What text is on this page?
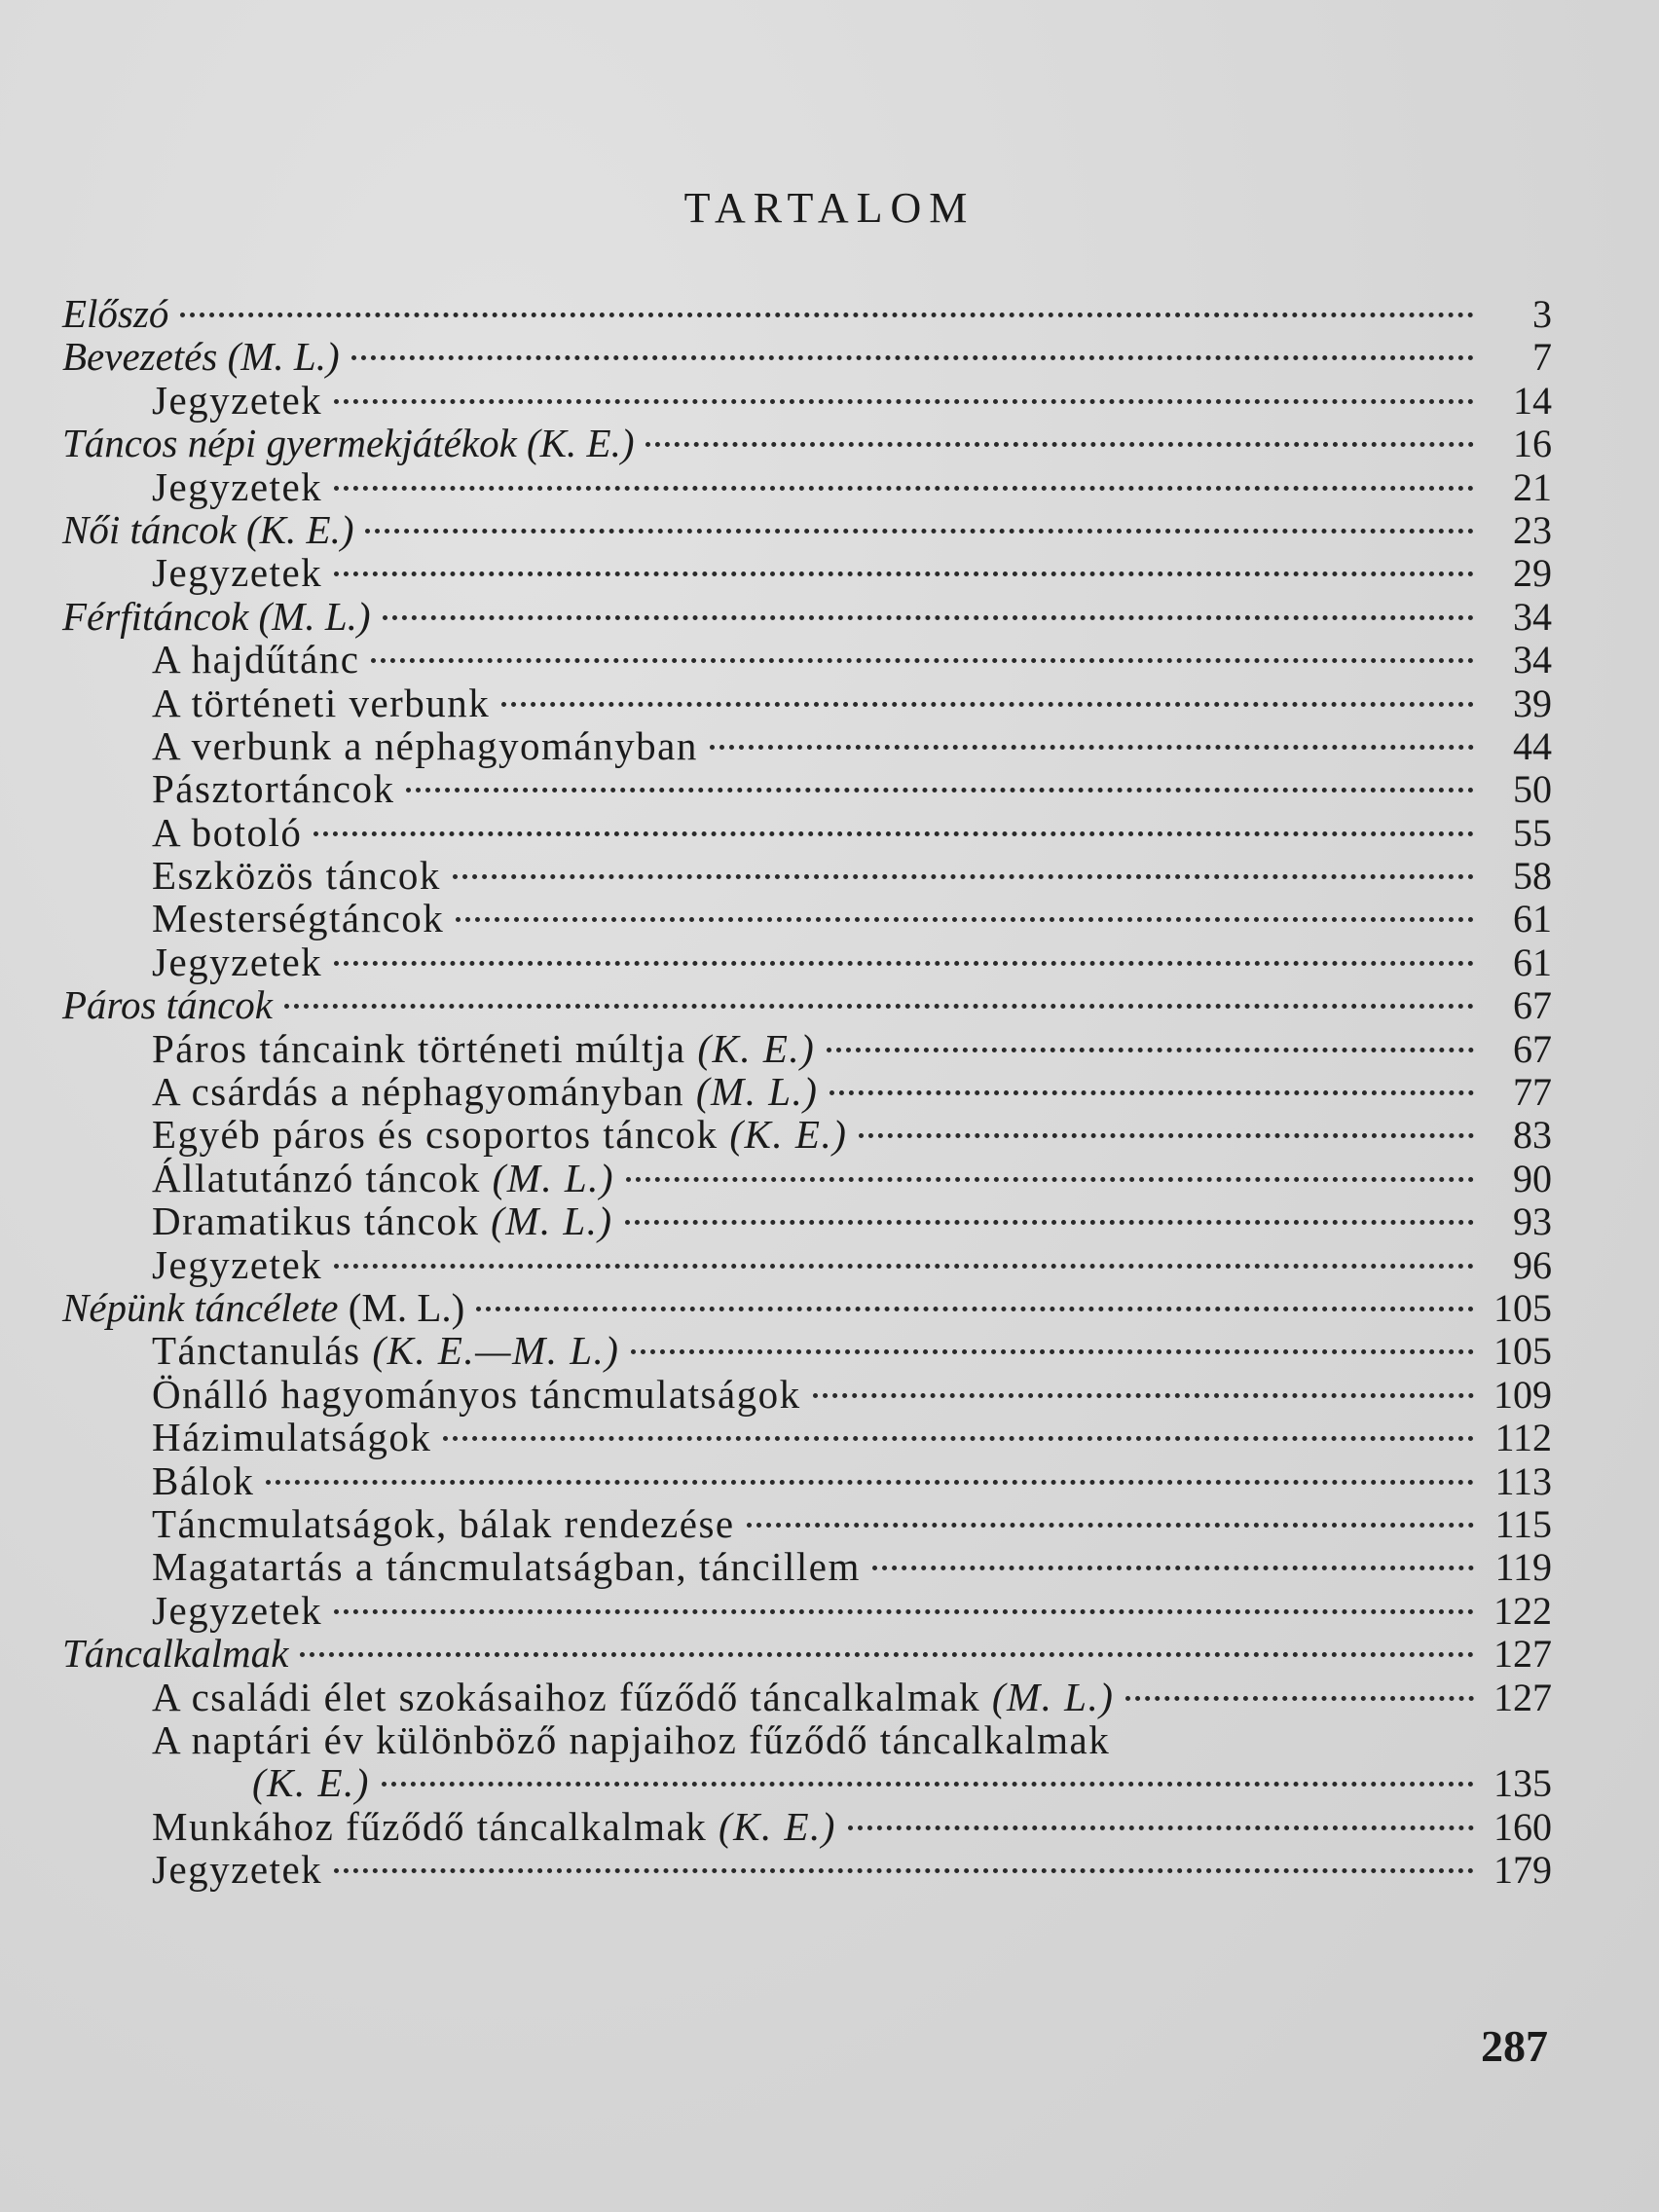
TARTALOM
Előszó	3
Bevezetés (M. L.)	7
Jegyzetek	14
Táncos népi gyermekjátékok (K. E.)	16
Jegyzetek	21
Női táncok (K. E.)	23
Jegyzetek	29
Férfitáncok (M. L.)	34
A hajdűtánc	34
A történeti verbunk	39
A verbunk a néphagyományban	44
Pásztortáncok	50
A botoló	55
Eszközös táncok	58
Mesterségtáncok	61
Jegyzetek	61
Páros táncok	67
Páros táncaink történeti múltja (K. E.)	67
A csárdás a néphagyományban (M. L.)	77
Egyéb páros és csoportos táncok (K. E.)	83
Állatutánzó táncok (M. L.)	90
Dramatikus táncok (M. L.)	93
Jegyzetek	96
Népünk táncélete (M. L.)	105
Tánctanulás (K. E.—M. L.)	105
Önálló hagyományos táncmulatságok	109
Házimulatságok	112
Bálok	113
Táncmulatságok, bálak rendezése	115
Magatartás a táncmulatságban, táncillem	119
Jegyzetek	122
Táncalkalmak	127
A családi élet szokásaihoz fűződő táncalkalmak (M. L.)	127
A naptári év különböző napjaihoz fűződő táncalkalmak
(K. E.)	135
Munkához fűződő táncalkalmak (K. E.)	160
Jegyzetek	179
287
